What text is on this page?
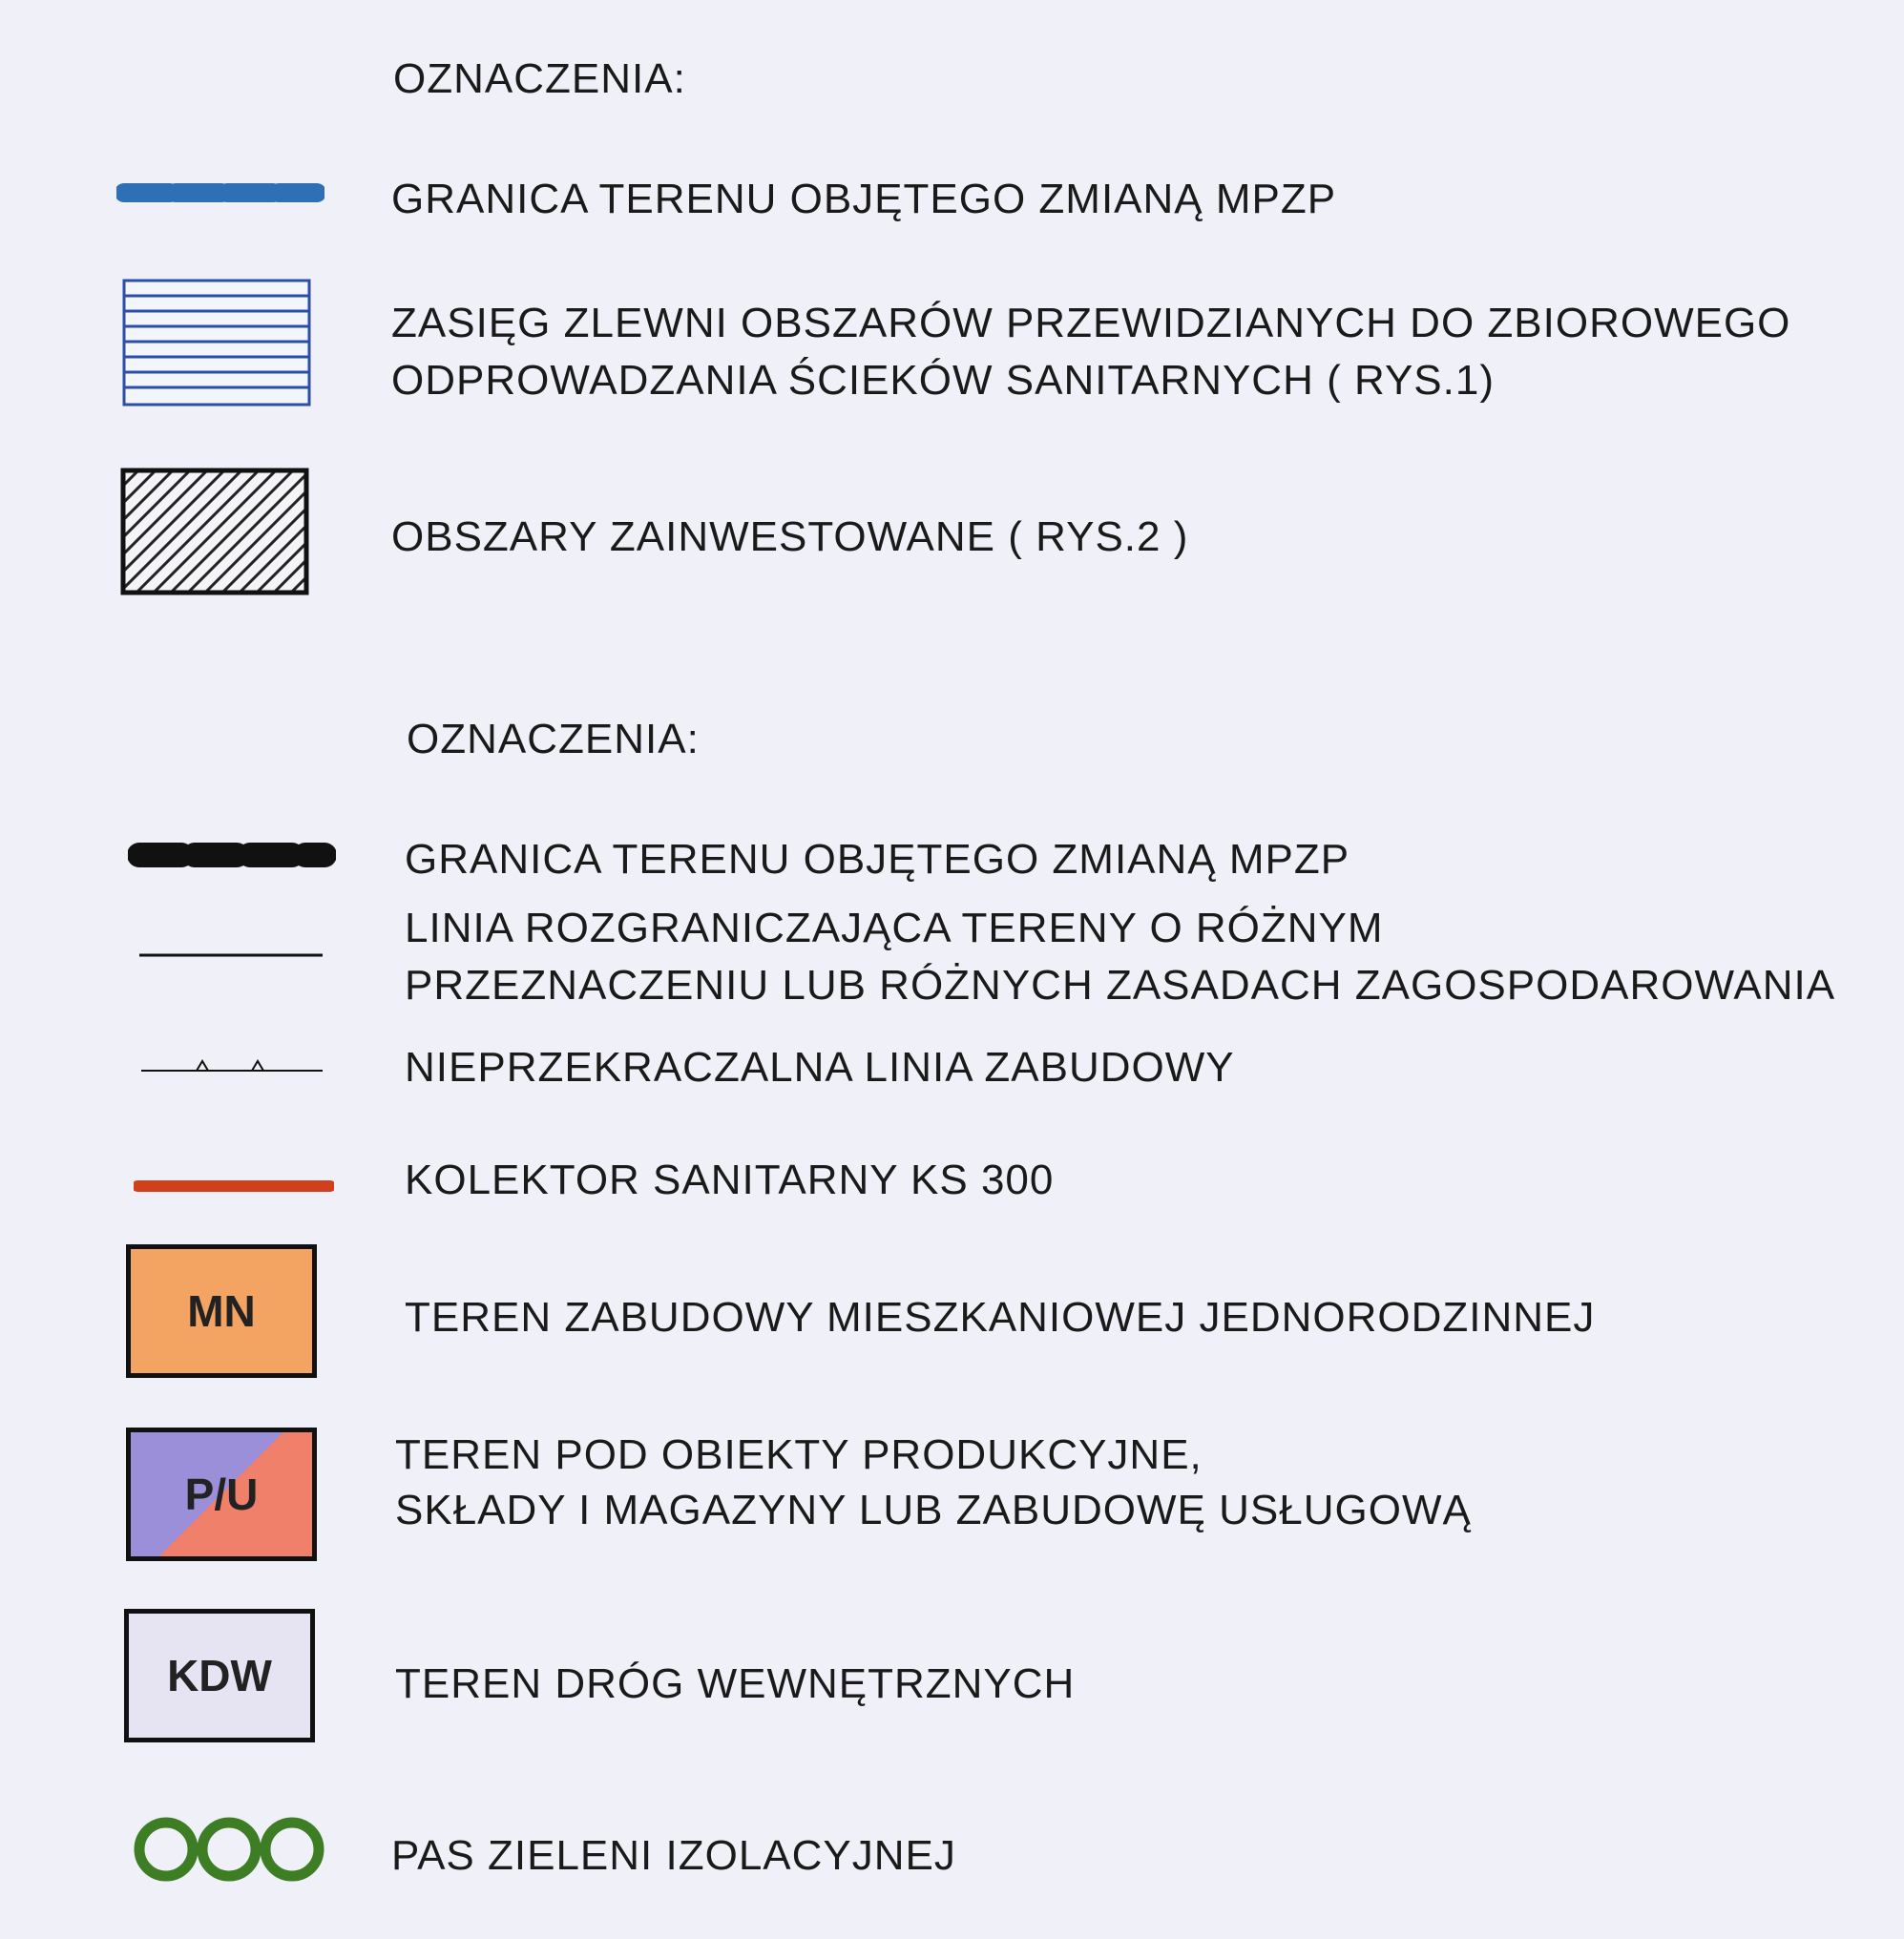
OZNACZENIA:
GRANICA TERENU OBJĘTEGO ZMIANĄ MPZP
ZASIĘG ZLEWNI OBSZARÓW PRZEWIDZIANYCH DO ZBIOROWEGO
ODPROWADZANIA ŚCIEKÓW SANITARNYCH ( RYS.1)
OBSZARY ZAINWESTOWANE ( RYS.2 )
OZNACZENIA:
GRANICA TERENU OBJĘTEGO ZMIANĄ MPZP
LINIA ROZGRANICZAJĄCA TERENY O RÓŻNYM
PRZEZNACZENIU LUB RÓŻNYCH ZASADACH ZAGOSPODAROWANIA
NIEPRZEKRACZALNA LINIA ZABUDOWY
KOLEKTOR SANITARNY KS 300
MN	TEREN ZABUDOWY MIESZKANIOWEJ JEDNORODZINNEJ
P/U
TEREN POD OBIEKTY PRODUKCYJNE,
SKŁADY I MAGAZYNY LUB ZABUDOWĘ USŁUGOWĄ
KDW	TEREN DRÓG WEWNĘTRZNYCH
PAS ZIELENI IZOLACYJNEJ
